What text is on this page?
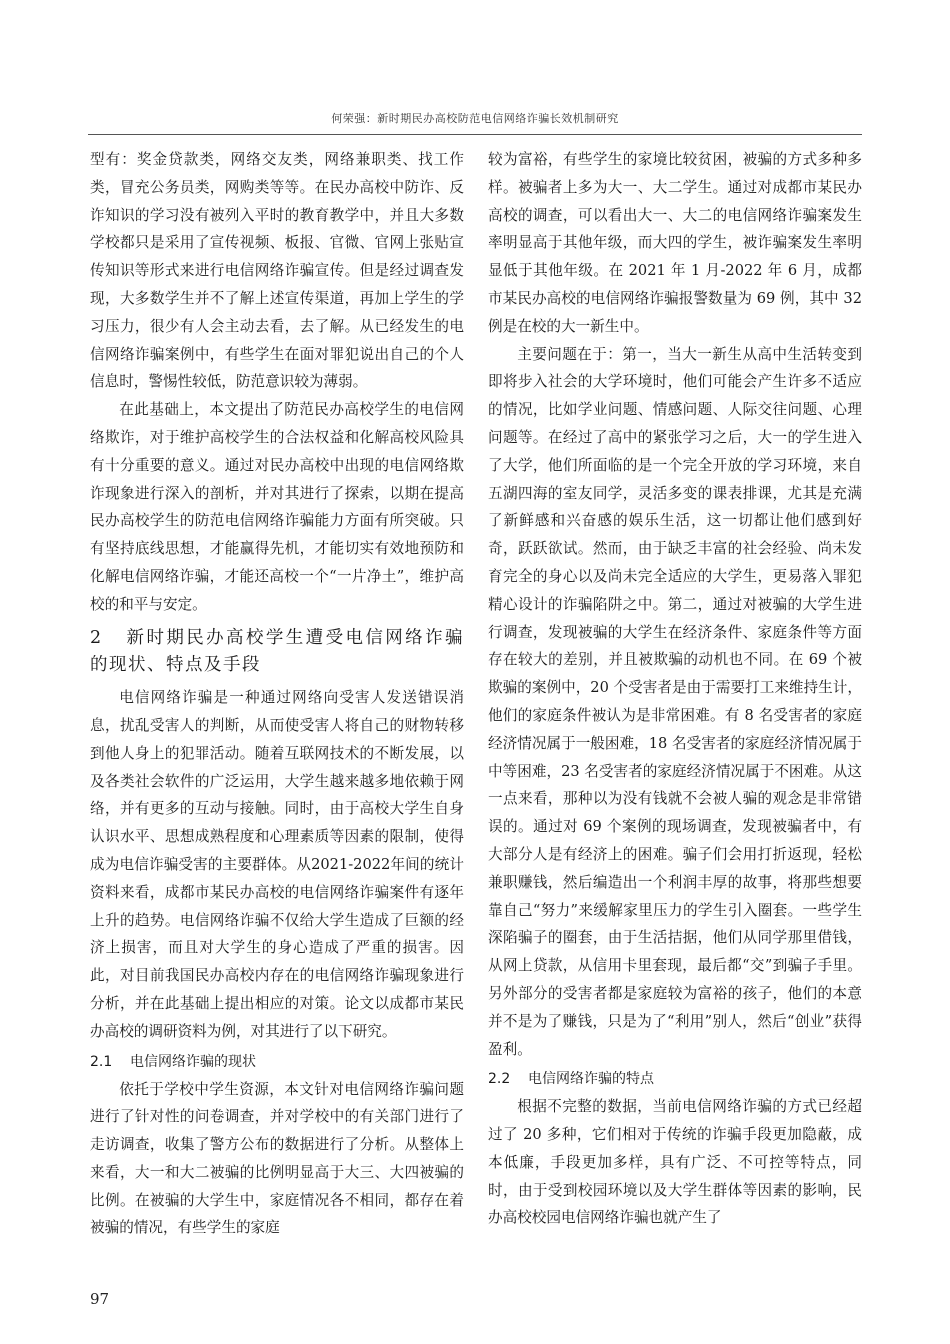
何荣强：新时期民办高校防范电信网络诈骗长效机制研究

型有：奖金贷款类，网络交友类，网络兼职类、找工作类，冒充公务员类，网购类等等。在民办高校中防诈、反诈知识的学习没有被列入平时的教育教学中，并且大多数学校都只是采用了宣传视频、板报、官微、官网上张贴宣传知识等形式来进行电信网络诈骗宣传。但是经过调查发现，大多数学生并不了解上述宣传渠道，再加上学生的学习压力，很少有人会主动去看，去了解。从已经发生的电信网络诈骗案例中，有些学生在面对罪犯说出自己的个人信息时，警惕性较低，防范意识较为薄弱。

在此基础上，本文提出了防范民办高校学生的电信网络欺诈，对于维护高校学生的合法权益和化解高校风险具有十分重要的意义。通过对民办高校中出现的电信网络欺诈现象进行深入的剖析，并对其进行了探索，以期在提高民办高校学生的防范电信网络诈骗能力方面有所突破。只有坚持底线思想，才能赢得先机，才能切实有效地预防和化解电信网络诈骗，才能还高校一个“一片净土”，维护高校的和平与安定。

2 新时期民办高校学生遭受电信网络诈骗的现状、特点及手段

电信网络诈骗是一种通过网络向受害人发送错误消息，扰乱受害人的判断，从而使受害人将自己的财物转移到他人身上的犯罪活动。随着互联网技术的不断发展，以及各类社会软件的广泛运用，大学生越来越多地依赖于网络，并有更多的互动与接触。同时，由于高校大学生自身认识水平、思想成熟程度和心理素质等因素的限制，使得成为电信诈骗受害的主要群体。从2021-2022年间的统计资料来看，成都市某民办高校的电信网络诈骗案件有逐年上升的趋势。电信网络诈骗不仅给大学生造成了巨额的经济上损害，而且对大学生的身心造成了严重的损害。因此，对目前我国民办高校内存在的电信网络诈骗现象进行分析，并在此基础上提出相应的对策。论文以成都市某民办高校的调研资料为例，对其进行了以下研究。

2.1 电信网络诈骗的现状

依托于学校中学生资源，本文针对电信网络诈骗问题进行了针对性的问卷调查，并对学校中的有关部门进行了走访调查，收集了警方公布的数据进行了分析。从整体上来看，大一和大二被骗的比例明显高于大三、大四被骗的比例。在被骗的大学生中，家庭情况各不相同，都存在着被骗的情况，有些学生的家庭

较为富裕，有些学生的家境比较贫困，被骗的方式多种多样。被骗者上多为大一、大二学生。通过对成都市某民办高校的调查，可以看出大一、大二的电信网络诈骗案发生率明显高于其他年级，而大四的学生，被诈骗案发生率明显低于其他年级。在 2021 年 1 月-2022 年 6 月，成都市某民办高校的电信网络诈骗报警数量为 69 例，其中 32 例是在校的大一新生中。

主要问题在于：第一，当大一新生从高中生活转变到即将步入社会的大学环境时，他们可能会产生许多不适应的情况，比如学业问题、情感问题、人际交往问题、心理问题等。在经过了高中的紧张学习之后，大一的学生进入了大学，他们所面临的是一个完全开放的学习环境，来自五湖四海的室友同学，灵活多变的课表排课，尤其是充满了新鲜感和兴奋感的娱乐生活，这一切都让他们感到好奇，跃跃欲试。然而，由于缺乏丰富的社会经验、尚未发育完全的身心以及尚未完全适应的大学生，更易落入罪犯精心设计的诈骗陷阱之中。第二，通过对被骗的大学生进行调查，发现被骗的大学生在经济条件、家庭条件等方面存在较大的差别，并且被欺骗的动机也不同。在 69 个被欺骗的案例中，20 个受害者是由于需要打工来维持生计，他们的家庭条件被认为是非常困难。有 8 名受害者的家庭经济情况属于一般困难，18 名受害者的家庭经济情况属于中等困难，23 名受害者的家庭经济情况属于不困难。从这一点来看，那种以为没有钱就不会被人骗的观念是非常错误的。通过对 69 个案例的现场调查，发现被骗者中，有大部分人是有经济上的困难。骗子们会用打折返现，轻松兼职赚钱，然后编造出一个利润丰厚的故事，将那些想要靠自己“努力”来缓解家里压力的学生引入圈套。一些学生深陷骗子的圈套，由于生活拮据，他们从同学那里借钱，从网上贷款，从信用卡里套现，最后都“交”到骗子手里。另外部分的受害者都是家庭较为富裕的孩子，他们的本意并不是为了赚钱，只是为了“利用”别人，然后“创业”获得盈利。

2.2 电信网络诈骗的特点

根据不完整的数据，当前电信网络诈骗的方式已经超过了 20 多种，它们相对于传统的诈骗手段更加隐蔽，成本低廉，手段更加多样，具有广泛、不可控等特点，同时，由于受到校园环境以及大学生群体等因素的影响，民办高校校园电信网络诈骗也就产生了

97
